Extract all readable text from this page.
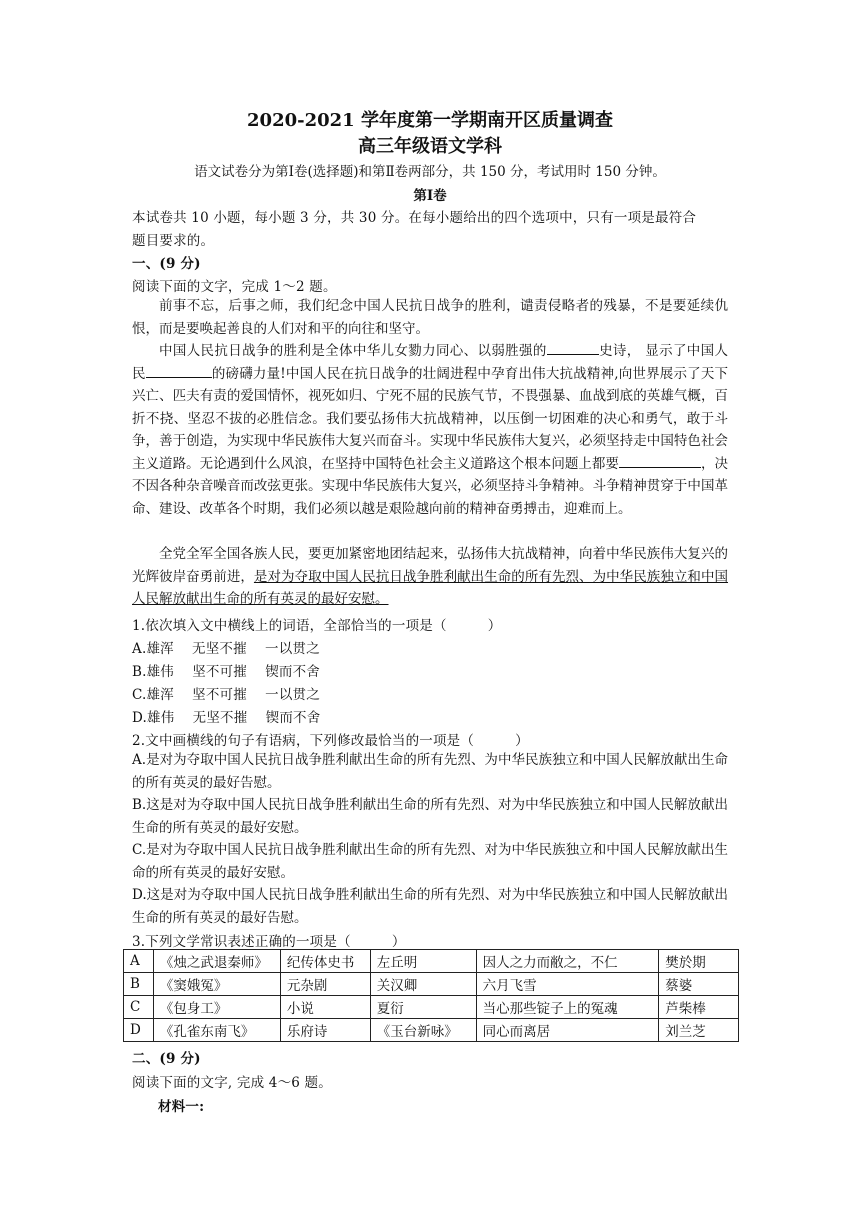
2020-2021 学年度第一学期南开区质量调查
高三年级语文学科
语文试卷分为第Ⅰ卷(选择题)和第Ⅱ卷两部分，共 150 分，考试用时 150 分钟。
第Ⅰ卷
本试卷共 10 小题，每小题 3 分，共 30 分。在每小题给出的四个选项中，只有一项是最符合
题目要求的。
一、(9 分)
阅读下面的文字，完成 1～2 题。
前事不忘，后事之师，我们纪念中国人民抗日战争的胜利，谴责侵略者的残暴，不是要延续仇恨，而是要唤起善良的人们对和平的向往和坚守。
中国人民抗日战争的胜利是全体中华儿女勠力同心、以弱胜强的	史诗， 显示了中国人民	的磅礴力量!中国人民在抗日战争的壮阔进程中孕育出伟大抗战精神,向世界展示了天下兴亡、匹夫有责的爱国情怀，视死如归、宁死不屈的民族气节，不畏强暴、血战到底的英雄气概，百折不挠、坚忍不拔的必胜信念。我们要弘扬伟大抗战精神，以压倒一切困难的决心和勇气，敢于斗争，善于创造，为实现中华民族伟大复兴而奋斗。实现中华民族伟大复兴，必须坚持走中国特色社会主义道路。无论遇到什么风浪，在坚持中国特色社会主义道路这个根本问题上都要	，决不因各种杂音噪音而改弦更张。实现中华民族伟大复兴，必须坚持斗争精神。斗争精神贯穿于中国革命、建设、改革各个时期，我们必须以越是艰险越向前的精神奋勇搏击，迎难而上。
全党全军全国各族人民，要更加紧密地团结起来，弘扬伟大抗战精神，向着中华民族伟大复兴的光辉彼岸奋勇前进，是对为夺取中国人民抗日战争胜利献出生命的所有先烈、为中华民族独立和中国人民解放献出生命的所有英灵的最好安慰。
1.依次填入文中横线上的词语，全部恰当的一项是（　　　）
A.雄浑　 无坚不摧　 一以贯之
B.雄伟　 坚不可摧　 锲而不舍
C.雄浑　 坚不可摧　 一以贯之
D.雄伟　 无坚不摧　 锲而不舍
2.文中画横线的句子有语病，下列修改最恰当的一项是（　　　）
A.是对为夺取中国人民抗日战争胜利献出生命的所有先烈、为中华民族独立和中国人民解放献出生命的所有英灵的最好告慰。
B.这是对为夺取中国人民抗日战争胜利献出生命的所有先烈、对为中华民族独立和中国人民解放献出生命的所有英灵的最好安慰。
C.是对为夺取中国人民抗日战争胜利献出生命的所有先烈、对为中华民族独立和中国人民解放献出生命的所有英灵的最好安慰。
D.这是对为夺取中国人民抗日战争胜利献出生命的所有先烈、对为中华民族独立和中国人民解放献出生命的所有英灵的最好告慰。
3.下列文学常识表述正确的一项是（　　　）
A	《烛之武退秦师》	纪传体史书	左丘明	因人之力而敝之，不仁	樊於期
B	《窦娥冤》	元杂剧	关汉卿	六月飞雪	蔡婆
C	《包身工》	小说	夏衍	当心那些锭子上的冤魂	芦柴棒
D	《孔雀东南飞》	乐府诗	《玉台新咏》	同心而离居	刘兰芝
二、(9 分)
阅读下面的文字, 完成 4～6 题。
材料一:
